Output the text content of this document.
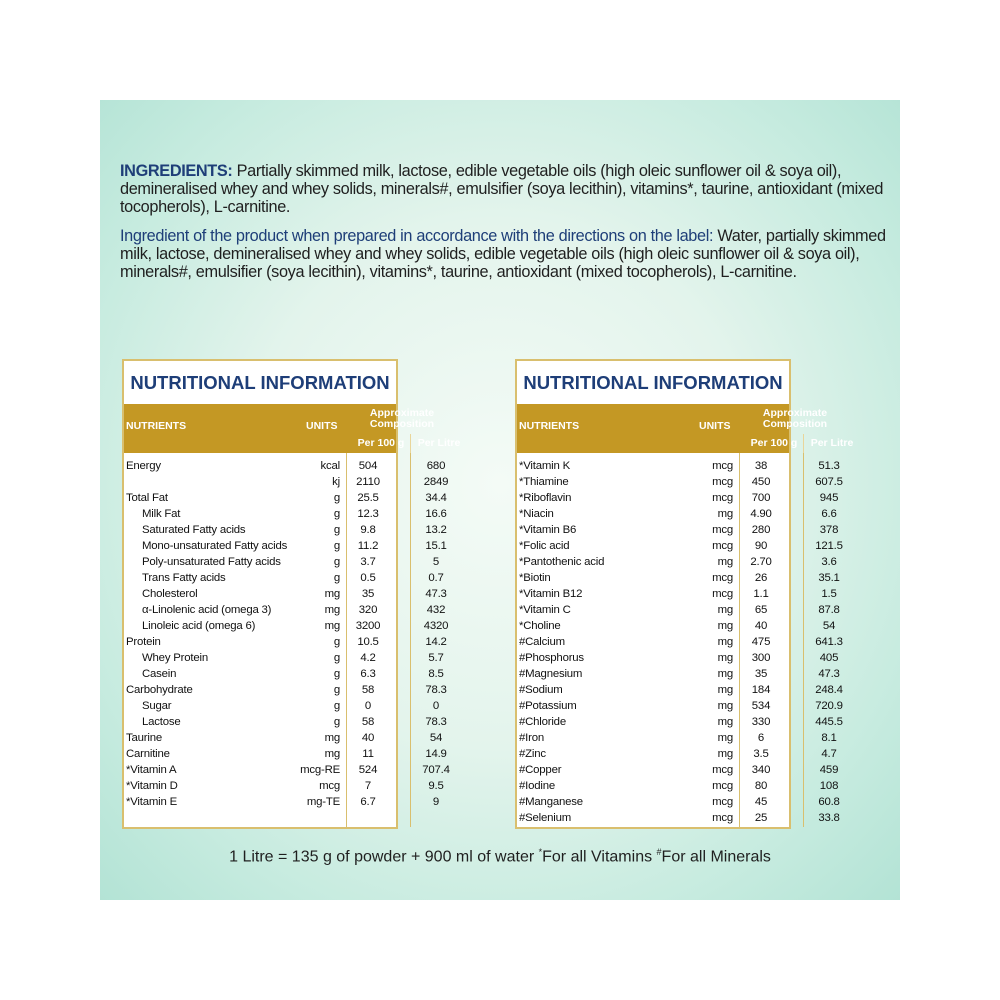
INGREDIENTS: Partially skimmed milk, lactose, edible vegetable oils (high oleic sunflower oil & soya oil), demineralised whey and whey solids, minerals#, emulsifier (soya lecithin), vitamins*, taurine, antioxidant (mixed tocopherols), L-carnitine.

Ingredient of the product when prepared in accordance with the directions on the label: Water, partially skimmed milk, lactose, demineralised whey and whey solids, edible vegetable oils (high oleic sunflower oil & soya oil), minerals#, emulsifier (soya lecithin), vitamins*, taurine, antioxidant (mixed tocopherols), L-carnitine.

NUTRITIONAL INFORMATION
NUTRIENTS	UNITS
Approximate
Composition
Per 100 g	Per Litre
Energy	kcal	504	680
kj	2110	2849
Total Fat	g	25.5	34.4
Milk Fat	g	12.3	16.6
Saturated Fatty acids	g	9.8	13.2
Mono-unsaturated Fatty acids	g	11.2	15.1
Poly-unsaturated Fatty acids	g	3.7	5
Trans Fatty acids	g	0.5	0.7
Cholesterol	mg	35	47.3
α-Linolenic acid (omega 3)	mg	320	432
Linoleic acid (omega 6)	mg	3200	4320
Protein	g	10.5	14.2
Whey Protein	g	4.2	5.7
Casein	g	6.3	8.5
Carbohydrate	g	58	78.3
Sugar	g	0	0
Lactose	g	58	78.3
Taurine	mg	40	54
Carnitine	mg	11	14.9
*Vitamin A	mcg-RE	524	707.4
*Vitamin D	mcg	7	9.5
*Vitamin E	mg-TE	6.7	9
NUTRITIONAL INFORMATION
NUTRIENTS	UNITS
Approximate
Composition
Per 100 g	Per Litre
*Vitamin K	mcg	38	51.3
*Thiamine	mcg	450	607.5
*Riboflavin	mcg	700	945
*Niacin	mg	4.90	6.6
*Vitamin B6	mcg	280	378
*Folic acid	mcg	90	121.5
*Pantothenic acid	mg	2.70	3.6
*Biotin	mcg	26	35.1
*Vitamin B12	mcg	1.1	1.5
*Vitamin C	mg	65	87.8
*Choline	mg	40	54
#Calcium	mg	475	641.3
#Phosphorus	mg	300	405
#Magnesium	mg	35	47.3
#Sodium	mg	184	248.4
#Potassium	mg	534	720.9
#Chloride	mg	330	445.5
#Iron	mg	6	8.1
#Zinc	mg	3.5	4.7
#Copper	mcg	340	459
#Iodine	mcg	80	108
#Manganese	mcg	45	60.8
#Selenium	mcg	25	33.8
1 Litre = 135 g of powder + 900 ml of water *For all Vitamins #For all Minerals
